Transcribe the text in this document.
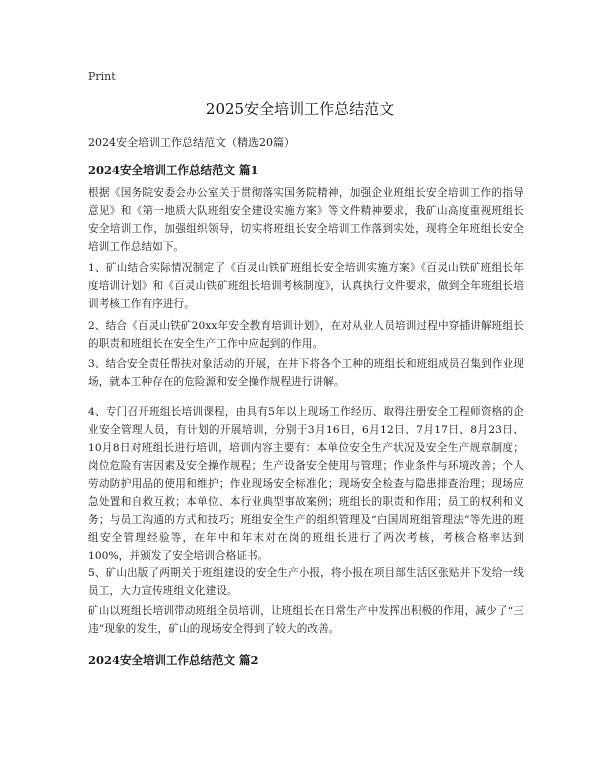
Print
2025安全培训工作总结范文
2024安全培训工作总结范文（精选20篇）
2024安全培训工作总结范文 篇1
根据《国务院安委会办公室关于贯彻落实国务院精神，加强企业班组长安全培训工作的指导意见》和《第一地质大队班组安全建设实施方案》等文件精神要求，我矿山高度重视班组长安全培训工作，加强组织领导，切实将班组长安全培训工作落到实处，现将全年班组长安全培训工作总结如下。
1、矿山结合实际情况制定了《百灵山铁矿班组长安全培训实施方案》《百灵山铁矿班组长年度培训计划》和《百灵山铁矿班组长培训考核制度》，认真执行文件要求，做到全年班组长培训考核工作有序进行。
2、结合《百灵山铁矿20xx年安全教育培训计划》，在对从业人员培训过程中穿插讲解班组长的职责和班组长在安全生产工作中应起到的作用。
3、结合安全责任帮扶对象活动的开展，在井下将各个工种的班组长和班组成员召集到作业现场，就本工种存在的危险源和安全操作规程进行讲解。
4、专门召开班组长培训课程，由具有5年以上现场工作经历、取得注册安全工程师资格的企业安全管理人员，有计划的开展培训，分别于3月16日，6月12日、7月17日、8月23日、10月8日对班组长进行培训，培训内容主要有：本单位安全生产状况及安全生产规章制度；岗位危险有害因素及安全操作规程；生产设备安全使用与管理；作业条件与环境改善；个人劳动防护用品的使用和维护；作业现场安全标准化；现场安全检查与隐患排查治理；现场应急处置和自救互救；本单位、本行业典型事故案例；班组长的职责和作用；员工的权利和义务；与员工沟通的方式和技巧；班组安全生产的组织管理及“白国周班组管理法”等先进的班组安全管理经验等，在年中和年末对在岗的班组长进行了两次考核，考核合格率达到100%，并颁发了安全培训合格证书。
5、矿山出版了两期关于班组建设的安全生产小报，将小报在项目部生活区张贴并下发给一线员工，大力宣传班组文化建设。
矿山以班组长培训带动班组全员培训，让班组长在日常生产中发挥出积极的作用，减少了“三违”现象的发生，矿山的现场安全得到了较大的改善。
2024安全培训工作总结范文 篇2
